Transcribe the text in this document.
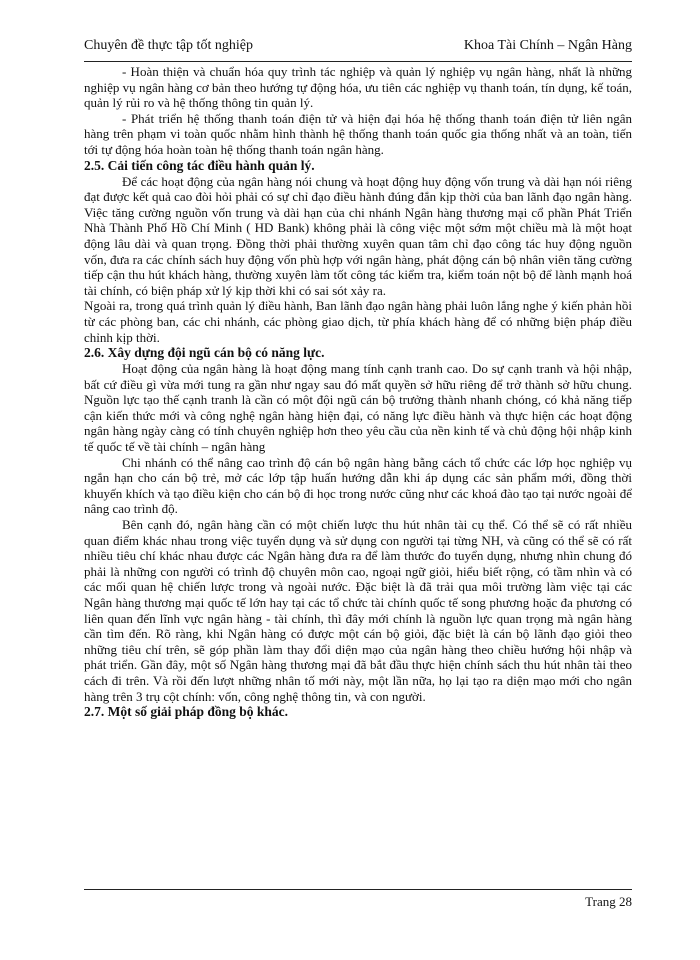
Chuyên đề thực tập tốt nghiệp	Khoa Tài Chính – Ngân Hàng

- Hoàn thiện và chuẩn hóa quy trình tác nghiệp và quản lý nghiệp vụ ngân hàng, nhất là những nghiệp vụ ngân hàng cơ bản theo hướng tự động hóa, ưu tiên các nghiệp vụ thanh toán, tín dụng, kế toán, quản lý rủi ro và hệ thống thông tin quản lý.

- Phát triển hệ thống thanh toán điện tử và hiện đại hóa hệ thống thanh toán điện tử liên ngân hàng trên phạm vi toàn quốc nhằm hình thành hệ thống thanh toán quốc gia thống nhất và an toàn, tiến tới tự động hóa hoàn toàn hệ thống thanh toán ngân hàng.

2.5. Cải tiến công tác điều hành quản lý.

Để các hoạt động của ngân hàng nói chung và hoạt động huy động vốn trung và dài hạn nói riêng đạt được kết quả cao đòi hỏi phải có sự chỉ đạo điều hành đúng đắn kịp thời của ban lãnh đạo ngân hàng. Việc tăng cường nguồn vốn trung và dài hạn của chi nhánh Ngân hàng thương mại cổ phần Phát Triển Nhà Thành Phố Hồ Chí Minh ( HD Bank) không phải là công việc một sớm một chiều mà là một hoạt động lâu dài và quan trọng. Đồng thời phải thường xuyên quan tâm chỉ đạo công tác huy động nguồn vốn, đưa ra các chính sách huy động vốn phù hợp với ngân hàng, phát động cán bộ nhân viên tăng cường tiếp cận thu hút khách hàng, thường xuyên làm tốt công tác kiểm tra, kiểm toán nột bộ để lành mạnh hoá tài chính, có biện pháp xử lý kịp thời khi có sai sót xảy ra.

Ngoài ra, trong quá trình quản lý điều hành, Ban lãnh đạo ngân hàng phải luôn lắng nghe ý kiến phản hồi từ các phòng ban, các chi nhánh, các phòng giao dịch, từ phía khách hàng để có những biện pháp điều chỉnh kịp thời.

2.6. Xây dựng đội ngũ cán bộ có năng lực.

Hoạt động của ngân hàng là hoạt động mang tính cạnh tranh cao. Do sự cạnh tranh và hội nhập, bất cứ điều gì vừa mới tung ra gần như ngay sau đó mất quyền sở hữu riêng để trở thành sở hữu chung. Nguồn lực tạo thế cạnh tranh là cần có một đội ngũ cán bộ trưởng thành nhanh chóng, có khả năng tiếp cận kiến thức mới và công nghệ ngân hàng hiện đại, có năng lực điều hành và thực hiện các hoạt động ngân hàng ngày càng có tính chuyên nghiệp hơn theo yêu cầu của nền kinh tế và chủ động hội nhập kinh tế quốc tế về tài chính – ngân hàng

Chi nhánh có thể nâng cao trình độ cán bộ ngân hàng bằng cách tổ chức các lớp học nghiệp vụ ngắn hạn cho cán bộ trẻ, mở các lớp tập huấn hướng dẫn khi áp dụng các sản phẩm mới, đồng thời khuyến khích và tạo điều kiện cho cán bộ đi học trong nước cũng như các khoá đào tạo tại nước ngoài để nâng cao trình độ.

Bên cạnh đó, ngân hàng cần có một chiến lược thu hút nhân tài cụ thể. Có thể sẽ có rất nhiều quan điểm khác nhau trong việc tuyển dụng và sử dụng con người tại từng NH, và cũng có thể sẽ có rất nhiều tiêu chí khác nhau được các Ngân hàng đưa ra để làm thước đo tuyển dụng, nhưng nhìn chung đó phải là những con người có trình độ chuyên môn cao, ngoại ngữ giỏi, hiểu biết rộng, có tầm nhìn và có các mối quan hệ chiến lược trong và ngoài nước. Đặc biệt là đã trải qua môi trường làm việc tại các Ngân hàng thương mại quốc tế lớn hay tại các tổ chức tài chính quốc tế song phương hoặc đa phương có liên quan đến lĩnh vực ngân hàng - tài chính, thì đây mới chính là nguồn lực quan trọng mà ngân hàng cần tìm đến. Rõ ràng, khi Ngân hàng có được một cán bộ giỏi, đặc biệt là cán bộ lãnh đạo giỏi theo những tiêu chí trên, sẽ góp phần làm thay đổi diện mạo của ngân hàng theo chiều hướng hội nhập và phát triển. Gần đây, một số Ngân hàng thương mại đã bắt đầu thực hiện chính sách thu hút nhân tài theo cách đi trên. Và rồi đến lượt những nhân tố mới này, một lần nữa, họ lại tạo ra diện mạo mới cho ngân hàng trên 3 trụ cột chính: vốn, công nghệ thông tin, và con người.

2.7. Một số giải pháp đồng bộ khác.

Trang 28
